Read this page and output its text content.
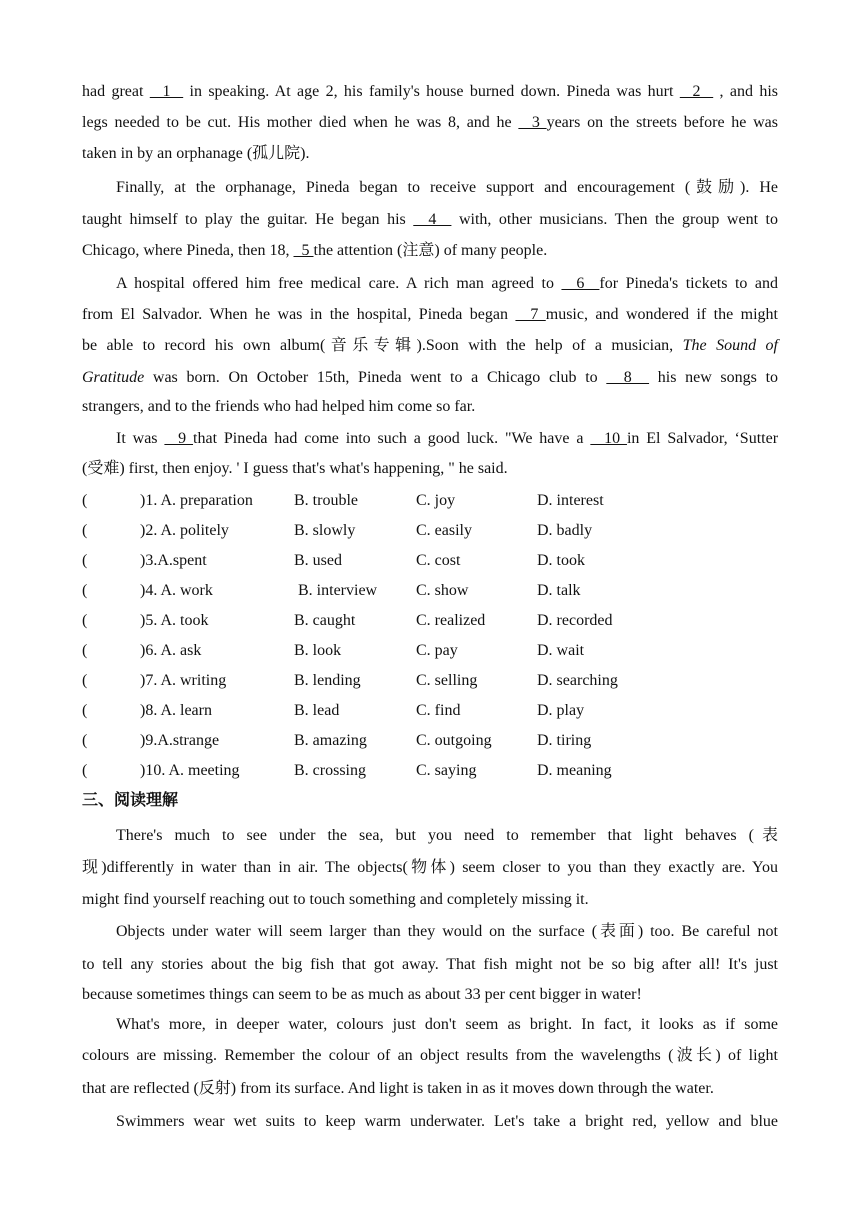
had great   1   in speaking. At age 2, his family's house burned down. Pineda was hurt   2   , and his
legs needed to be cut. His mother died when he was 8, and he   3 years on the streets before he was
taken in by an orphanage (孤儿院).
Finally, at the orphanage, Pineda began to receive support and encouragement (鼓励). He
taught himself to play the guitar. He began his   4   with, other musicians. Then the group went to
Chicago, where Pineda, then 18,   5 the attention (注意) of many people.
A hospital offered him free medical care. A rich man agreed to   6  for Pineda's tickets to and
from El Salvador. When he was in the hospital, Pineda began   7 music, and wondered if the might
be able to record his own album(音乐专辑).Soon with the help of a musician, The Sound of
Gratitude was born. On October 15th, Pineda went to a Chicago club to   8   his new songs to
strangers, and to the friends who had helped him come so far.
It was   9 that Pineda had come into such a good luck. "We have a   10 in El Salvador, ‘Sutter
(受难) first, then enjoy. ' I guess that's what's happening, " he said.
(	)1. A. preparation	B. trouble	C. joy	D. interest
(	)2. A. politely	B. slowly	C. easily	D. badly
(	)3.A.spent	B. used	C. cost	D. took
(	)4. A. work	B. interview C. show	D. talk
(	)5. A. took	B. caught	C. realized	D. recorded
(	)6. A. ask	B. look	C. pay	D. wait
(	)7. A. writing	B. lending	C. selling	D. searching
(	)8. A. learn	B. lead	C. find	D. play
(	)9.A.strange	B. amazing	C. outgoing	D. tiring
(	)10. A. meeting	B. crossing	C. saying	D. meaning
三、阅读理解
There's much to see under the sea, but you need to remember that light behaves (表
现)differently in water than in air. The objects(物体) seem closer to you than they exactly are. You
might find yourself reaching out to touch something and completely missing it.
Objects under water will seem larger than they would on the surface (表面) too. Be careful not
to tell any stories about the big fish that got away. That fish might not be so big after all! It's just
because sometimes things can seem to be as much as about 33 per cent bigger in water!
What's more, in deeper water, colours just don't seem as bright. In fact, it looks as if some
colours are missing. Remember the colour of an object results from the wavelengths (波长) of light
that are reflected (反射) from its surface. And light is taken in as it moves down through the water.
Swimmers wear wet suits to keep warm underwater. Let's take a bright red, yellow and blue
